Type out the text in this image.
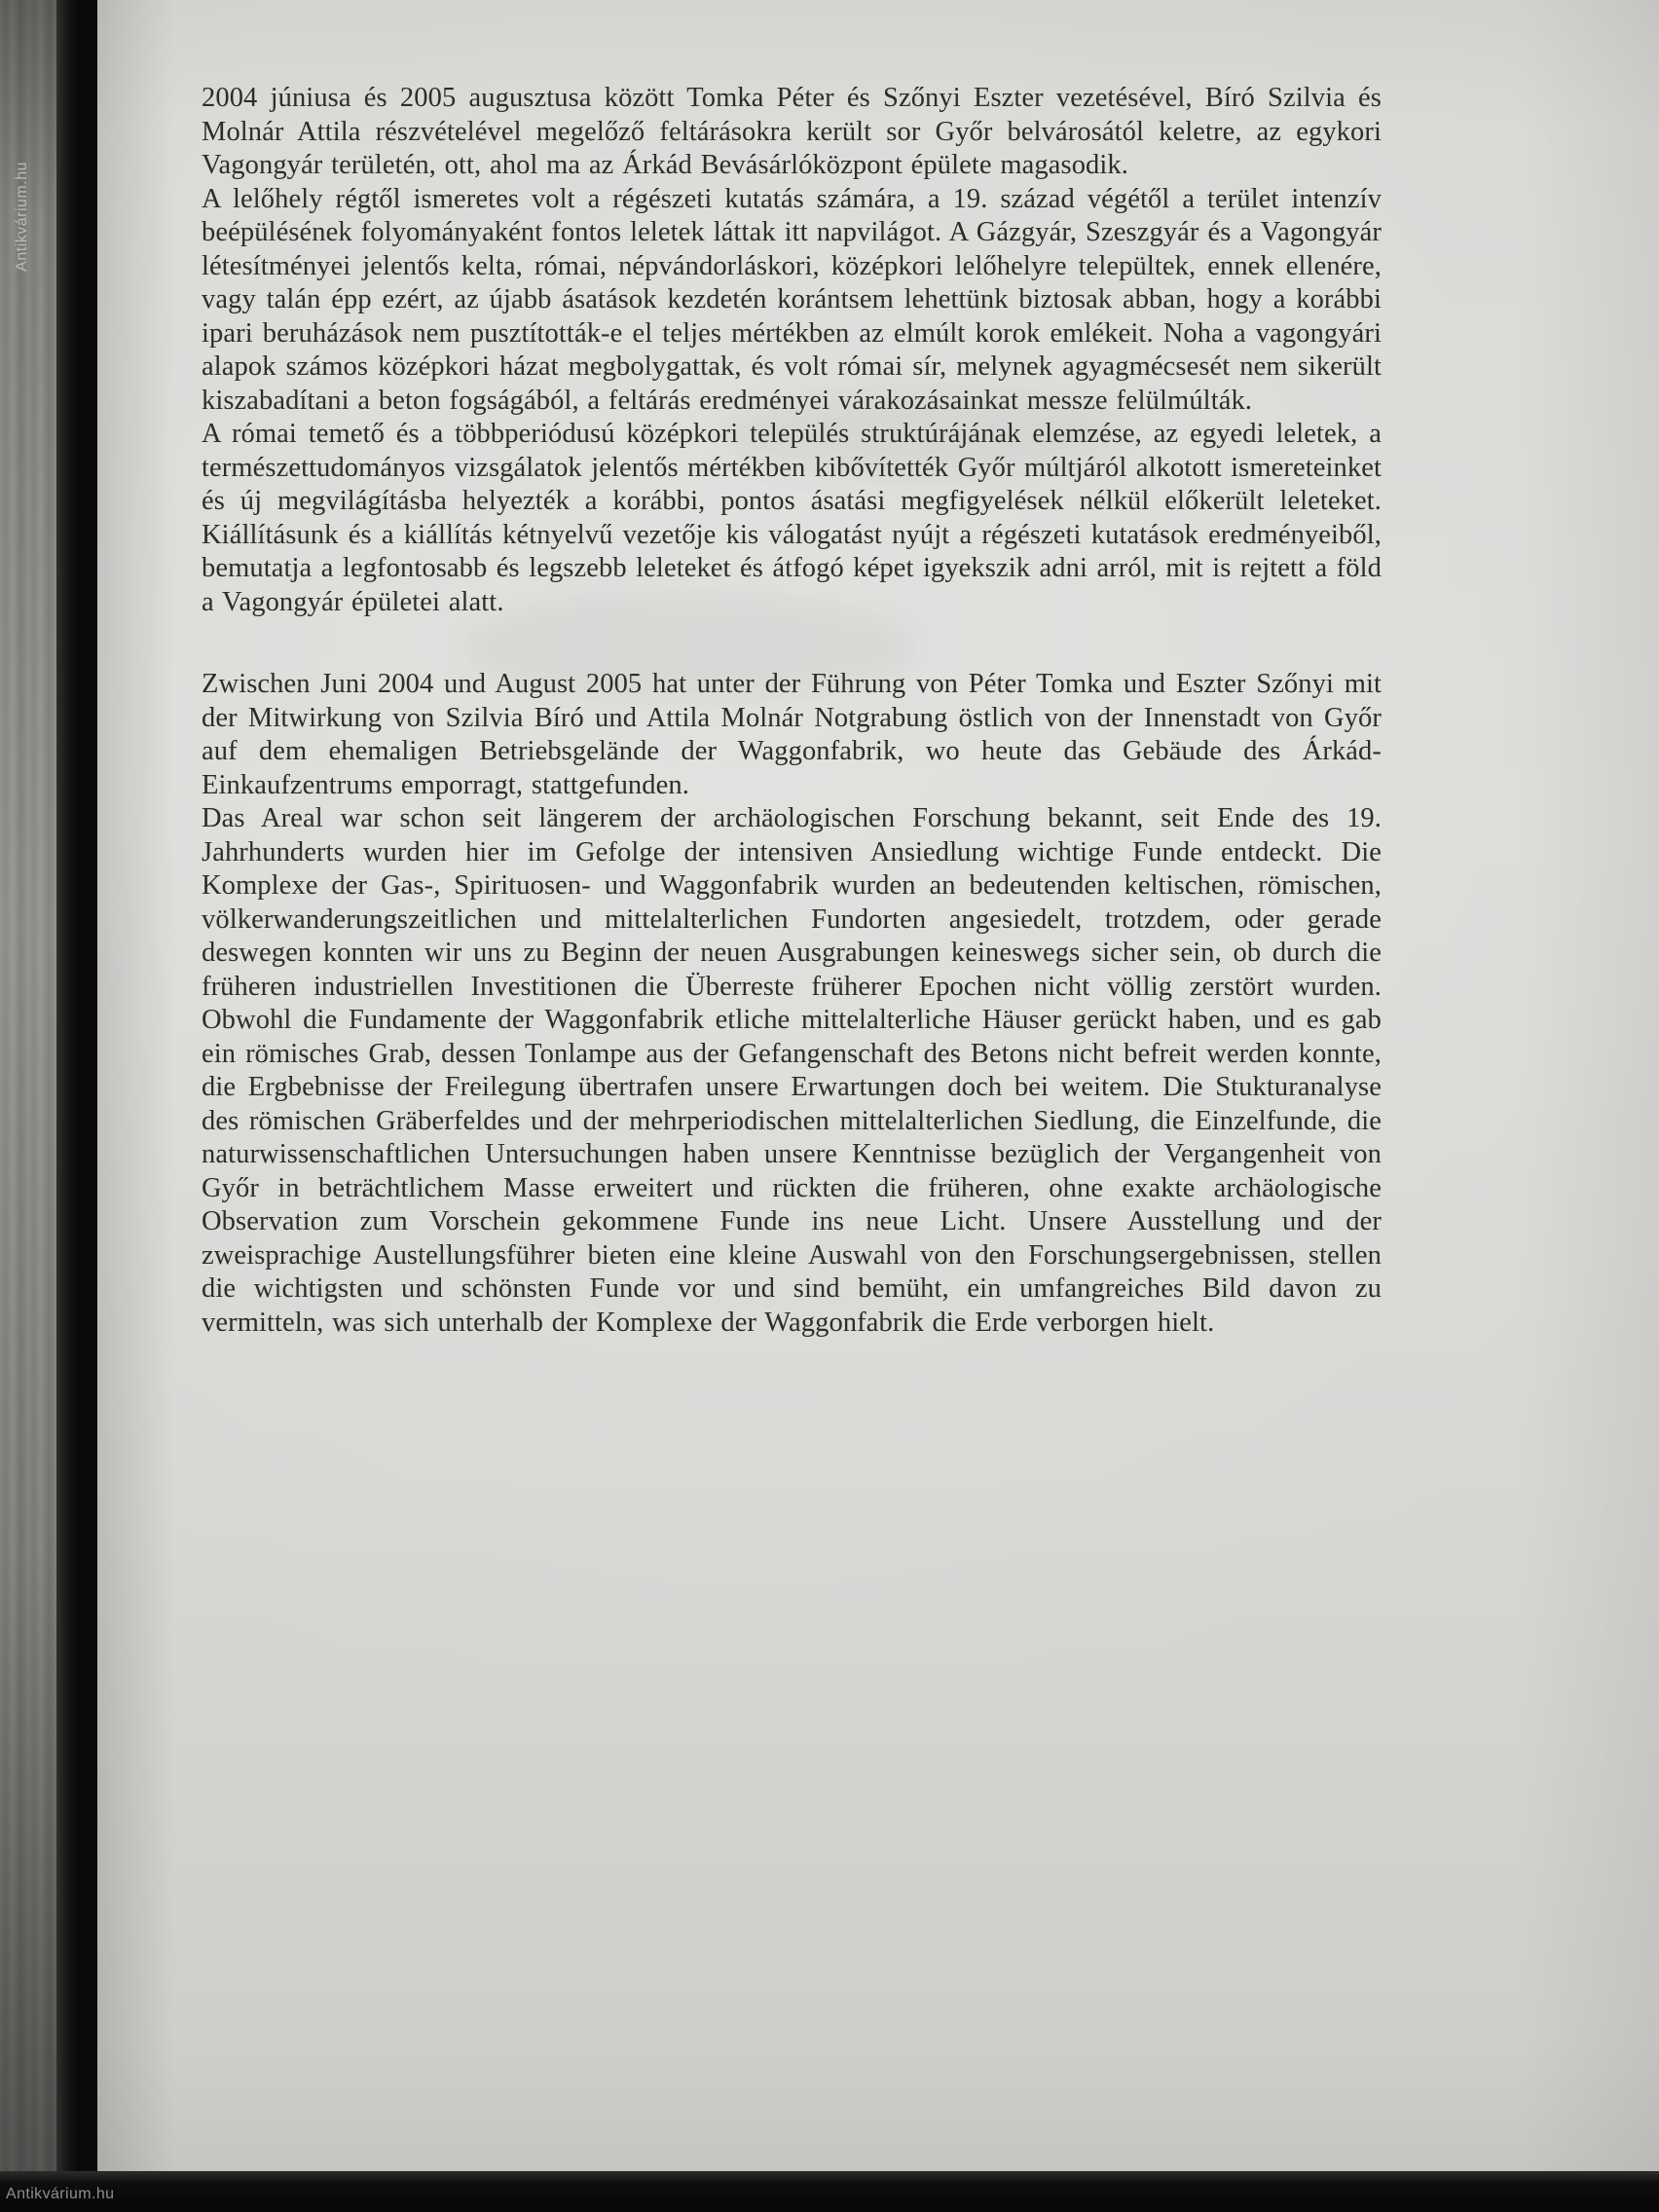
2004 júniusa és 2005 augusztusa között Tomka Péter és Szőnyi Eszter vezetésével, Bíró Szilvia és Molnár Attila részvételével megelőző feltárásokra került sor Győr belvárosától keletre, az egykori Vagongyár területén, ott, ahol ma az Árkád Bevásárlóközpont épülete magasodik.

A lelőhely régtől ismeretes volt a régészeti kutatás számára, a 19. század végétől a terület intenzív beépülésének folyományaként fontos leletek láttak itt napvilágot. A Gázgyár, Szeszgyár és a Vagongyár létesítményei jelentős kelta, római, népvándorláskori, középkori lelőhelyre települtek, ennek ellenére, vagy talán épp ezért, az újabb ásatások kezdetén korántsem lehettünk biztosak abban, hogy a korábbi ipari beruházások nem pusztították-e el teljes mértékben az elmúlt korok emlékeit. Noha a vagongyári alapok számos középkori házat megbolygattak, és volt római sír, melynek agyagmécsesét nem sikerült kiszabadítani a beton fogságából, a feltárás eredményei várakozásainkat messze felülmúlták.

A római temető és a többperiódusú középkori település struktúrájának elemzése, az egyedi leletek, a természettudományos vizsgálatok jelentős mértékben kibővítették Győr múltjáról alkotott ismereteinket és új megvilágításba helyezték a korábbi, pontos ásatási megfigyelések nélkül előkerült leleteket. Kiállításunk és a kiállítás kétnyelvű vezetője kis válogatást nyújt a régészeti kutatások eredményeiből, bemutatja a legfontosabb és legszebb leleteket és átfogó képet igyekszik adni arról, mit is rejtett a föld a Vagongyár épületei alatt.

Zwischen Juni 2004 und August 2005 hat unter der Führung von Péter Tomka und Eszter Szőnyi mit der Mitwirkung von Szilvia Bíró und Attila Molnár Notgrabung östlich von der Innenstadt von Győr auf dem ehemaligen Betriebsgelände der Waggonfabrik, wo heute das Gebäude des Árkád-Einkaufzentrums emporragt, stattgefunden.

Das Areal war schon seit längerem der archäologischen Forschung bekannt, seit Ende des 19. Jahrhunderts wurden hier im Gefolge der intensiven Ansiedlung wichtige Funde entdeckt. Die Komplexe der Gas-, Spirituosen- und Waggonfabrik wurden an bedeutenden keltischen, römischen, völkerwanderungszeitlichen und mittelalterlichen Fundorten angesiedelt, trotzdem, oder gerade deswegen konnten wir uns zu Beginn der neuen Ausgrabungen keineswegs sicher sein, ob durch die früheren industriellen Investitionen die Überreste früherer Epochen nicht völlig zerstört wurden. Obwohl die Fundamente der Waggonfabrik etliche mittelalterliche Häuser gerückt haben, und es gab ein römisches Grab, dessen Tonlampe aus der Gefangenschaft des Betons nicht befreit werden konnte, die Ergbebnisse der Freilegung übertrafen unsere Erwartungen doch bei weitem. Die Stukturanalyse des römischen Gräberfeldes und der mehrperiodischen mittelalterlichen Siedlung, die Einzelfunde, die naturwissenschaftlichen Untersuchungen haben unsere Kenntnisse bezüglich der Vergangenheit von Győr in beträchtlichem Masse erweitert und rückten die früheren, ohne exakte archäologische Observation zum Vorschein gekommene Funde ins neue Licht. Unsere Ausstellung und der zweisprachige Austellungsführer bieten eine kleine Auswahl von den Forschungsergebnissen, stellen die wichtigsten und schönsten Funde vor und sind bemüht, ein umfangreiches Bild davon zu vermitteln, was sich unterhalb der Komplexe der Waggonfabrik die Erde verborgen hielt.

Antikvárium.hu
Antikvárium.hu
